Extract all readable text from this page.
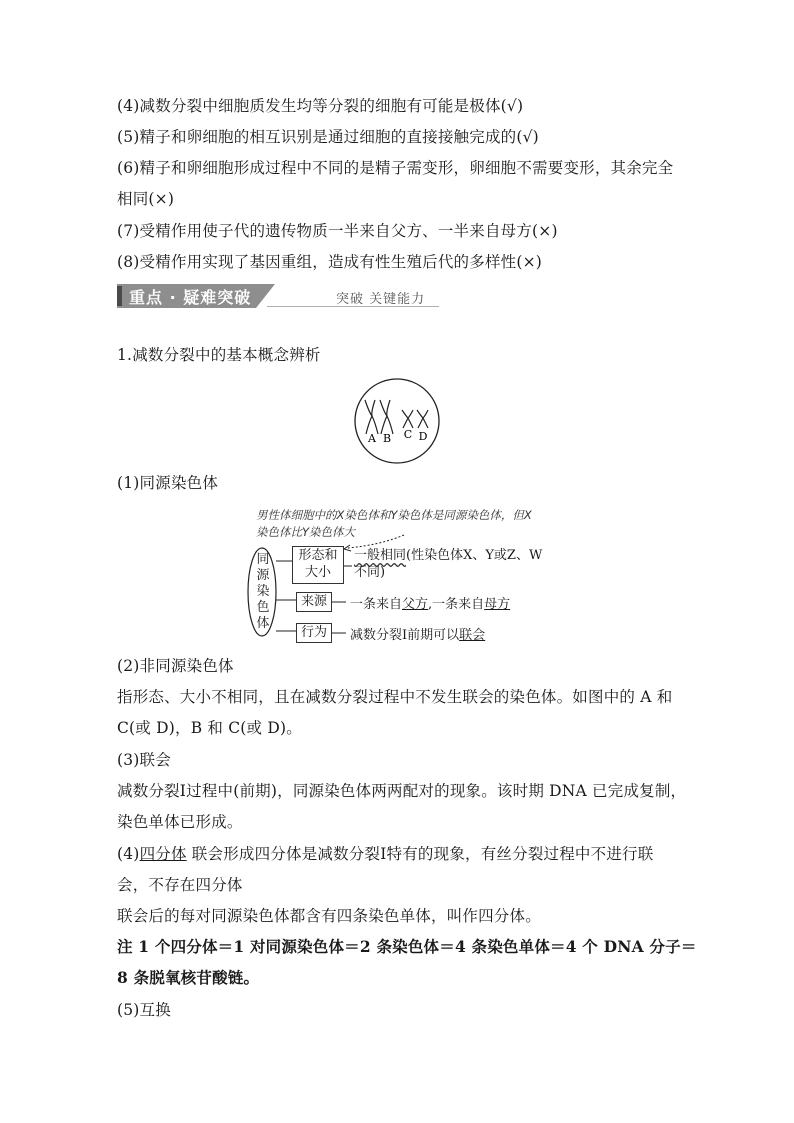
(4)减数分裂中细胞质发生均等分裂的细胞有可能是极体(√)
(5)精子和卵细胞的相互识别是通过细胞的直接接触完成的(√)
(6)精子和卵细胞形成过程中不同的是精子需变形，卵细胞不需要变形，其余完全
相同(×)
(7)受精作用使子代的遗传物质一半来自父方、一半来自母方(×)
(8)受精作用实现了基因重组，造成有性生殖后代的多样性(×)
重点 · 疑难突破	突破 关键能力
1.减数分裂中的基本概念辨析
A B C D
(1)同源染色体
男性体细胞中的X染色体和Y染色体是同源染色体，但X
染色体比Y染色体大
同源染色体
形态和
大小
来源
行为
一般相同(性染色体X、Y或Z、W
不同)
一条来自父方,一条来自母方
减数分裂Ⅰ前期可以联会
(2)非同源染色体
指形态、大小不相同，且在减数分裂过程中不发生联会的染色体。如图中的 A 和
C(或 D)，B 和 C(或 D)。
(3)联会
减数分裂Ⅰ过程中(前期)，同源染色体两两配对的现象。该时期 DNA 已完成复制，
染色单体已形成。
(4)四分体 联会形成四分体是减数分裂Ⅰ特有的现象，有丝分裂过程中不进行联
会，不存在四分体
联会后的每对同源染色体都含有四条染色单体，叫作四分体。
注 1 个四分体＝1 对同源染色体＝2 条染色体＝4 条染色单体＝4 个 DNA 分子＝
8 条脱氧核苷酸链。
(5)互换
